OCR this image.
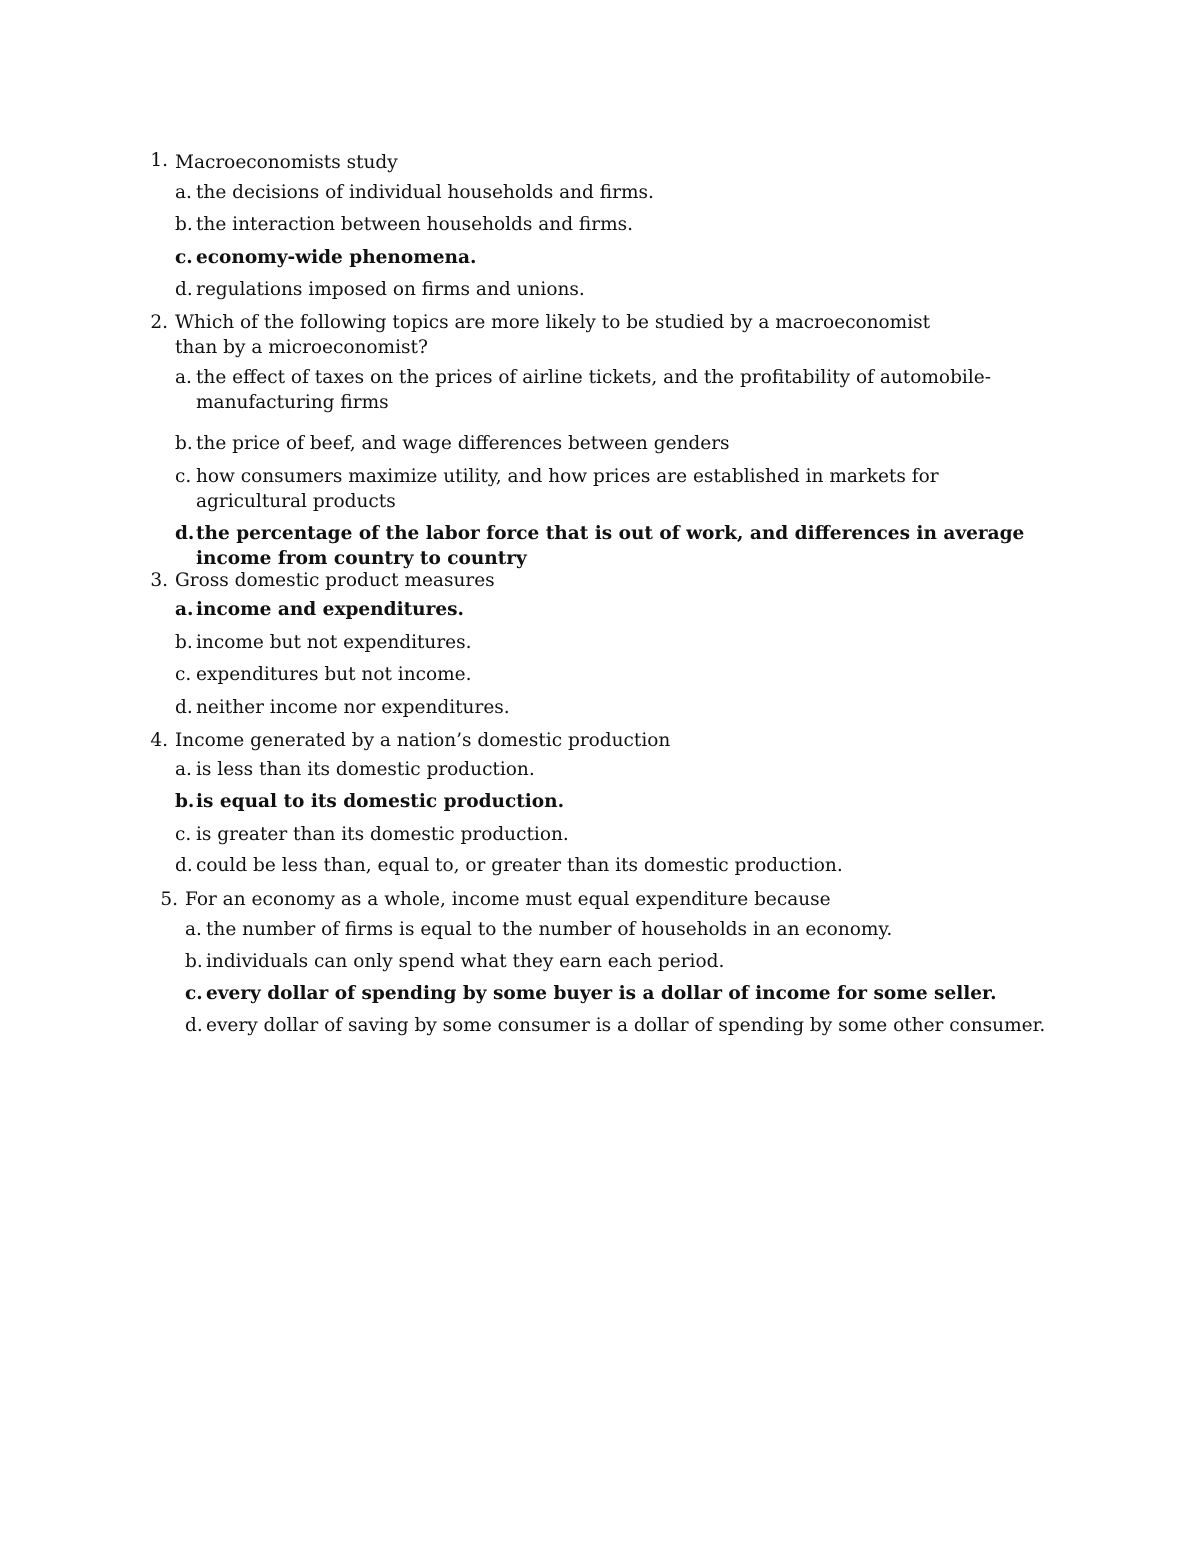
1. Macroeconomists study
a. the decisions of individual households and firms.
b. the interaction between households and firms.
c. economy-wide phenomena.
d. regulations imposed on firms and unions.
2. Which of the following topics are more likely to be studied by a macroeconomist than by a microeconomist?
a. the effect of taxes on the prices of airline tickets, and the profitability of automobile-manufacturing firms
b. the price of beef, and wage differences between genders
c. how consumers maximize utility, and how prices are established in markets for agricultural products
d. the percentage of the labor force that is out of work, and differences in average income from country to country
3. Gross domestic product measures
a. income and expenditures.
b. income but not expenditures.
c. expenditures but not income.
d. neither income nor expenditures.
4. Income generated by a nation’s domestic production
a. is less than its domestic production.
b. is equal to its domestic production.
c. is greater than its domestic production.
d. could be less than, equal to, or greater than its domestic production.
5. For an economy as a whole, income must equal expenditure because
a. the number of firms is equal to the number of households in an economy.
b. individuals can only spend what they earn each period.
c. every dollar of spending by some buyer is a dollar of income for some seller.
d. every dollar of saving by some consumer is a dollar of spending by some other consumer.
